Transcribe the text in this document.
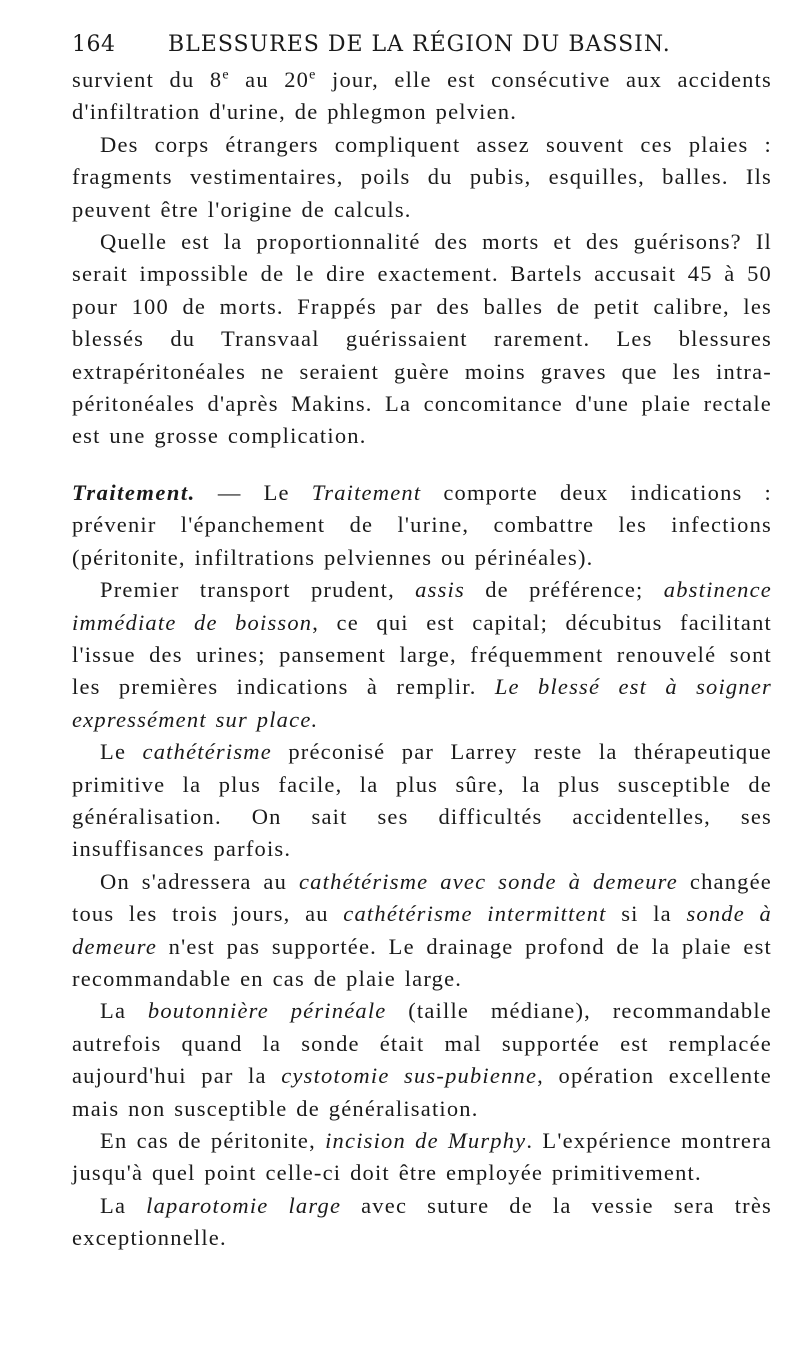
164 BLESSURES DE LA RÉGION DU BASSIN.

survient du 8e au 20e jour, elle est consécutive aux accidents d'infiltration d'urine, de phlegmon pelvien.

Des corps étrangers compliquent assez souvent ces plaies : fragments vestimentaires, poils du pubis, esquilles, balles. Ils peuvent être l'origine de calculs.

Quelle est la proportionnalité des morts et des guérisons? Il serait impossible de le dire exactement. Bartels accusait 45 à 50 pour 100 de morts. Frappés par des balles de petit calibre, les blessés du Transvaal guérissaient rarement. Les blessures extrapéritonéales ne seraient guère moins graves que les intra-péritonéales d'après Makins. La concomitance d'une plaie rectale est une grosse complication.

Traitement. — Le Traitement comporte deux indications : prévenir l'épanchement de l'urine, combattre les infections (péritonite, infiltrations pelviennes ou périnéales).

Premier transport prudent, assis de préférence; abstinence immédiate de boisson, ce qui est capital; décubitus facilitant l'issue des urines; pansement large, fréquemment renouvelé sont les premières indications à remplir. Le blessé est à soigner expressément sur place.

Le cathétérisme préconisé par Larrey reste la thérapeutique primitive la plus facile, la plus sûre, la plus susceptible de généralisation. On sait ses difficultés accidentelles, ses insuffisances parfois.

On s'adressera au cathétérisme avec sonde à demeure changée tous les trois jours, au cathétérisme intermittent si la sonde à demeure n'est pas supportée. Le drainage profond de la plaie est recommandable en cas de plaie large.

La boutonnière périnéale (taille médiane), recommandable autrefois quand la sonde était mal supportée est remplacée aujourd'hui par la cystotomie sus-pubienne, opération excellente mais non susceptible de généralisation.

En cas de péritonite, incision de Murphy. L'expérience montrera jusqu'à quel point celle-ci doit être employée primitivement.

La laparotomie large avec suture de la vessie sera très exceptionnelle.
